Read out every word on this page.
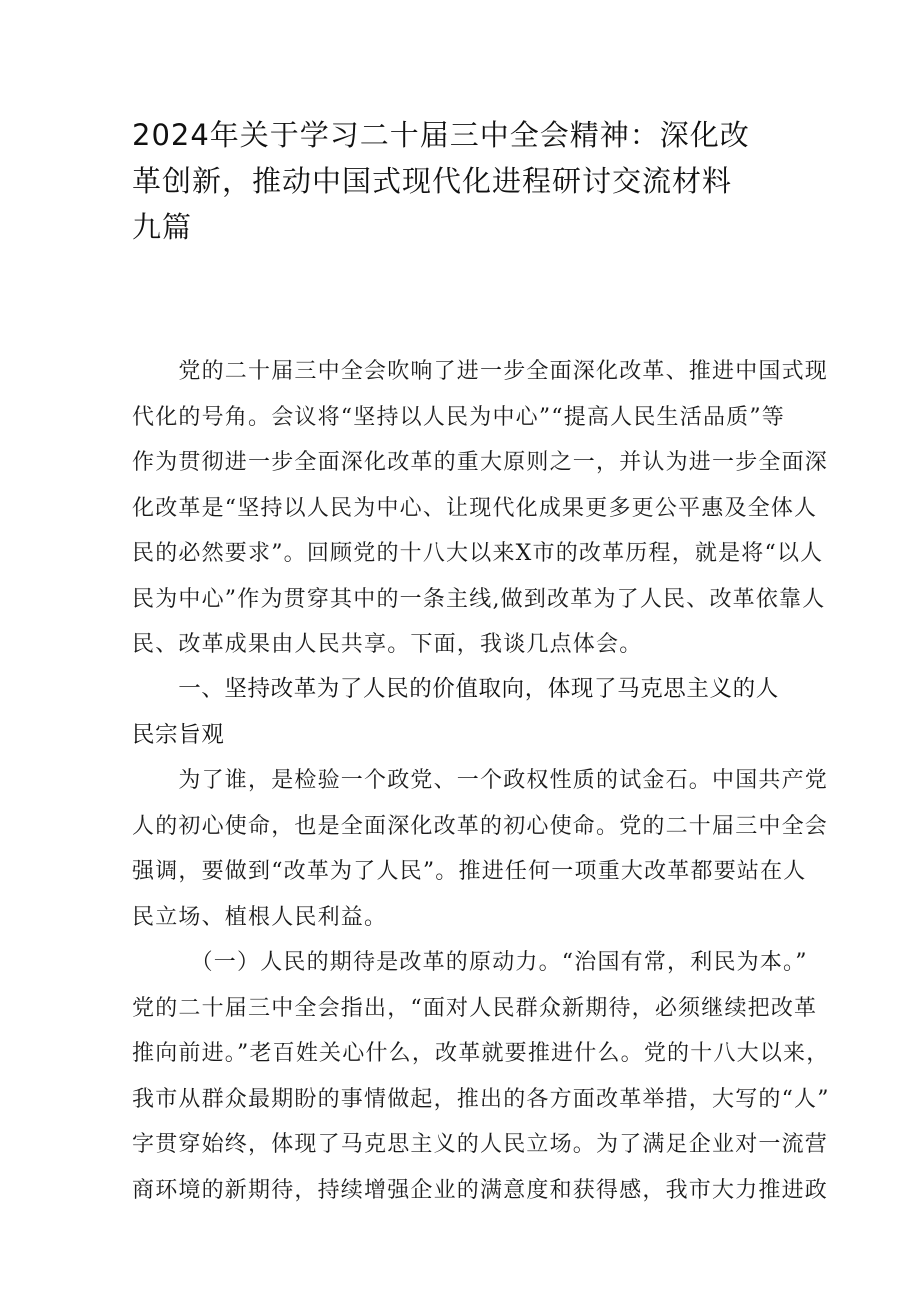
2024年关于学习二十届三中全会精神：深化改
革创新，推动中国式现代化进程研讨交流材料
九篇

　　党的二十届三中全会吹响了进一步全面深化改革、推进中国式现
代化的号角。会议将“坚持以人民为中心”“提高人民生活品质”等
作为贯彻进一步全面深化改革的重大原则之一，并认为进一步全面深
化改革是“坚持以人民为中心、让现代化成果更多更公平惠及全体人
民的必然要求”。回顾党的十八大以来X市的改革历程，就是将“以人
民为中心”作为贯穿其中的一条主线,做到改革为了人民、改革依靠人
民、改革成果由人民共享。下面，我谈几点体会。

　　一、坚持改革为了人民的价值取向，体现了马克思主义的人
民宗旨观

　　为了谁，是检验一个政党、一个政权性质的试金石。中国共产党
人的初心使命，也是全面深化改革的初心使命。党的二十届三中全会
强调，要做到“改革为了人民”。推进任何一项重大改革都要站在人
民立场、植根人民利益。

　　　（一）人民的期待是改革的原动力。“治国有常，利民为本。”
党的二十届三中全会指出，“面对人民群众新期待，必须继续把改革
推向前进。”老百姓关心什么，改革就要推进什么。党的十八大以来，
我市从群众最期盼的事情做起，推出的各方面改革举措，大写的“人”
字贯穿始终，体现了马克思主义的人民立场。为了满足企业对一流营
商环境的新期待，持续增强企业的满意度和获得感，我市大力推进政
